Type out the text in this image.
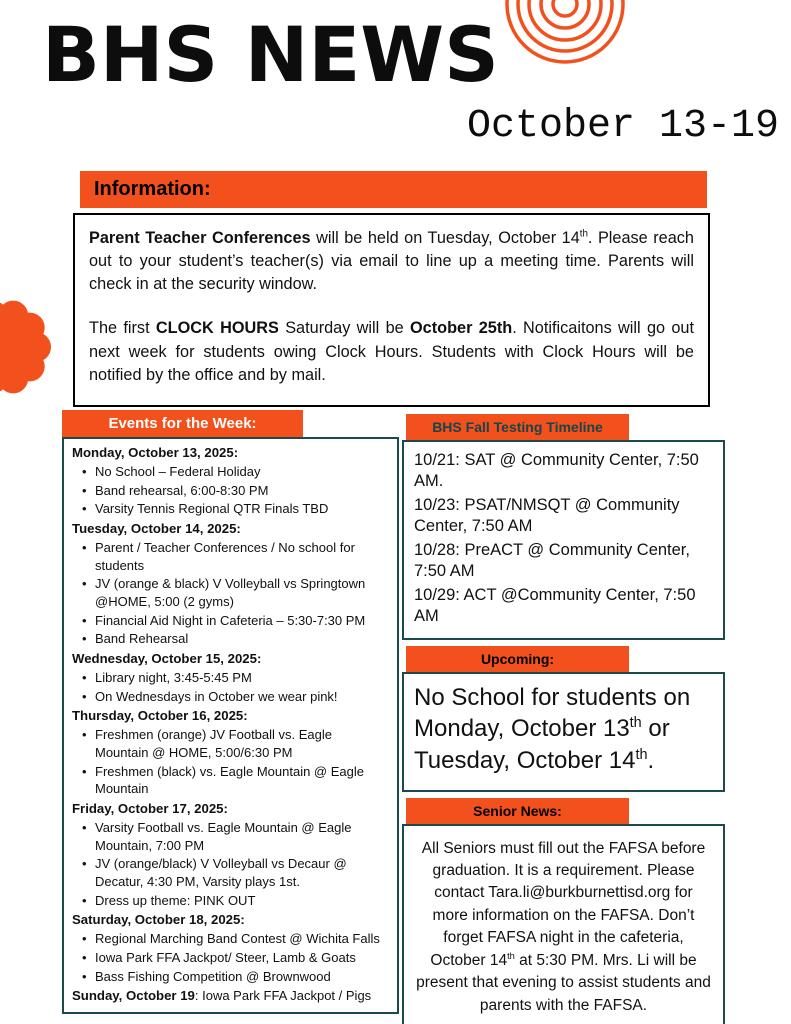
BHS NEWS
October 13-19
Information:

Parent Teacher Conferences will be held on Tuesday, October 14th. Please reach out to your student’s teacher(s) via email to line up a meeting time. Parents will check in at the security window.

The first CLOCK HOURS Saturday will be October 25th. Notificaitons will go out next week for students owing Clock Hours. Students with Clock Hours will be notified by the office and by mail.

Events for the Week:
Monday, October 13, 2025:
• No School – Federal Holiday
• Band rehearsal, 6:00-8:30 PM
• Varsity Tennis Regional QTR Finals TBD
Tuesday, October 14, 2025:
• Parent / Teacher Conferences / No school for students
• JV (orange & black) V Volleyball vs Springtown @HOME, 5:00 (2 gyms)
• Financial Aid Night in Cafeteria – 5:30-7:30 PM
• Band Rehearsal
Wednesday, October 15, 2025:
• Library night, 3:45-5:45 PM
• On Wednesdays in October we wear pink!
Thursday, October 16, 2025:
• Freshmen (orange) JV Football vs. Eagle Mountain @ HOME, 5:00/6:30 PM
• Freshmen (black) vs. Eagle Mountain @ Eagle Mountain
Friday, October 17, 2025:
• Varsity Football vs. Eagle Mountain @ Eagle Mountain, 7:00 PM
• JV (orange/black) V Volleyball vs Decaur @ Decatur, 4:30 PM, Varsity plays 1st.
• Dress up theme: PINK OUT
Saturday, October 18, 2025:
• Regional Marching Band Contest @ Wichita Falls
• Iowa Park FFA Jackpot/ Steer, Lamb & Goats
• Bass Fishing Competition @ Brownwood
Sunday, October 19: Iowa Park FFA Jackpot / Pigs
BHS Fall Testing Timeline
10/21: SAT @ Community Center, 7:50 AM.
10/23: PSAT/NMSQT @ Community Center, 7:50 AM
10/28: PreACT @ Community Center, 7:50 AM
10/29: ACT @Community Center, 7:50 AM
Upcoming:

No School for students on Monday, October 13th or Tuesday, October 14th.

Senior News:

All Seniors must fill out the FAFSA before graduation. It is a requirement. Please contact Tara.li@burkburnettisd.org for more information on the FAFSA. Don’t forget FAFSA night in the cafeteria, October 14th at 5:30 PM. Mrs. Li will be present that evening to assist students and parents with the FAFSA.
